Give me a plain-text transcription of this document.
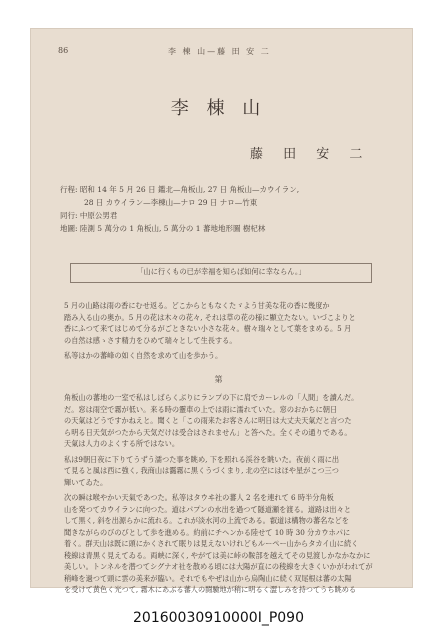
86	李 棟 山—藤 田 安 二
李 棟 山
藤 田 安 二
行程: 昭和 14 年 5 月 26 日 鑑北—角板山, 27 日 角板山—カウイラン,
28 日 カウイラン—李棟山—ナロ 29 日 ナロ—竹東
同行: 中原公男君
地圖: 陸測 5 萬分の 1 角板山, 5 萬分の 1 蕃地地形圖 樹杞林
「山に行くもの已が幸福を知らば如何に幸ならん。」

5 月の山路は雨の香にむせ返る。どこからともなくたゞよう甘美な花の香に幾度か
踏み入る山の奥か。5 月の花は木々の花々, それは草の花の様に顯立たない。いづこよりと
香にふつて来てはじめて分るがごときない小さな花々。樹々瑞々として葉をまめる。5 月
の自然は感ゝさす精力をひめて瑞々として生長する。

私等はかの蕃峰の如く自然を求めて山を歩かう。

第

角板山の蕃地の一室で私はしばらくぶりにランプの下に肩でカーレルの「人間」を讀んだ。
だ。窓は雨空で霧が低い。来る時の靈車の上では雨に濡れていた。窓のおかちに朝日
の天氣はどうですかねえと。聞くと「この雨来たお客さんに明日は大丈夫天氣だと言つた
ら明る日天気がつたから天気だけは受合はされません」と答へた。全くその通りである。
天氣は人力のよくする所ではない。

私は9朝日夜に下りてうずう濡つた事を眺め, 下を照れる渓谷を眺いた。夜前く雨に出
て見ると風は西に強く, 我商山は靄霧に黒くうづくまり, 北の空にはほや星がこつ三つ
輝いてゐた。

次の瞬は喉やかい天氣であつた。私等はタウヰ社の蕃人 2 名を連れて 6 時半分角板
山を発つてカウイランに向つた。道はパプンの水出を過つて隧道瀬を渡る。道路は出々と
して黒く, 斜を出源らかに流れる。これが淡水河の上流である。叡道は構物の蕃名などを
聞きながらのびのびとして歩を進める。約前にチヘンかる陸せて 10 時 30 分カウホパに
着く。群天山は既に頭にかくされて眠りは見えないけれどもルーペー山からタカイ山に続く
稜線は青黒く見えてゐる。両峡に深く, やがては美に峠の鞍部を越えてその見渡しかなかなかに
美しい。トンネルを潜つてシグナオ社を散める頃には大陽が直にの稜線を大きくいかがわれてが
稍峰を過つて頭に雲の美来が臨い。それでもやぜは山から烏陶山に続く双尾根は蕃の太陽
を受けて黄色く光つて, 霧木にあぶる蕃人の闘驗地が稍に明るく澀しみを持つてうち眺める

20160030910000I_P090
